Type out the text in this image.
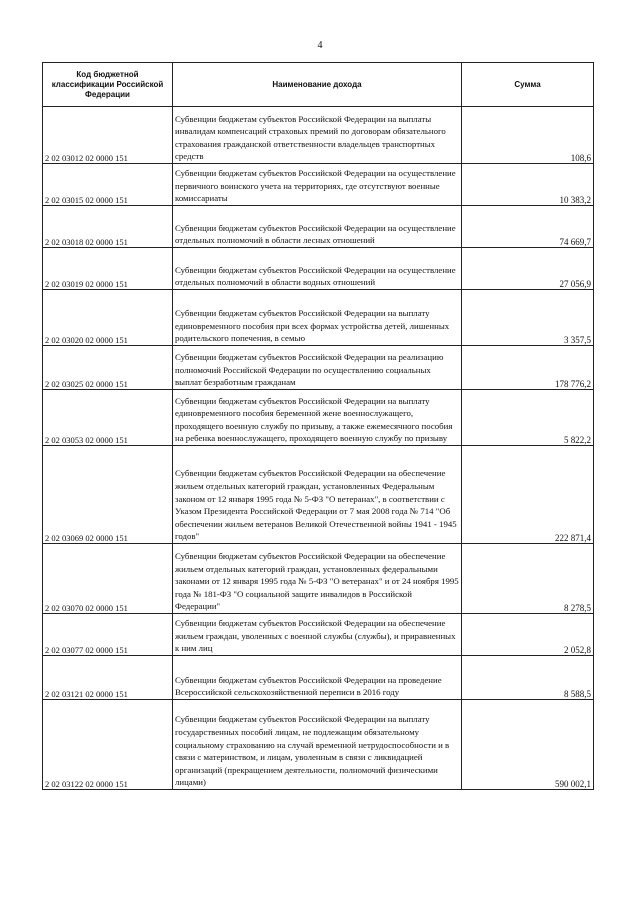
4
Код бюджетной классификации Российской Федерации	Наименование дохода	Сумма
2 02 03012 02 0000 151	Субвенции бюджетам субъектов Российской Федерации на выплаты инвалидам компенсаций страховых премий по договорам обязательного страхования гражданской ответственности владельцев транспортных средств	108,6
2 02 03015 02 0000 151	Субвенции бюджетам субъектов Российской Федерации на осуществление первичного воинского учета на территориях, где отсутствуют военные комиссариаты	10 383,2
2 02 03018 02 0000 151	Субвенции бюджетам субъектов Российской Федерации на осуществление отдельных полномочий в области лесных отношений	74 669,7
2 02 03019 02 0000 151	Субвенции бюджетам субъектов Российской Федерации на осуществление отдельных полномочий в области водных отношений	27 056,9
2 02 03020 02 0000 151	Субвенции бюджетам субъектов Российской Федерации на выплату единовременного пособия при всех формах устройства детей, лишенных родительского попечения, в семью	3 357,5
2 02 03025 02 0000 151	Субвенции бюджетам субъектов Российской Федерации на реализацию полномочий Российской Федерации по осуществлению социальных выплат безработным гражданам	178 776,2
2 02 03053 02 0000 151	Субвенции бюджетам субъектов Российской Федерации на выплату единовременного пособия беременной жене военнослужащего, проходящего военную службу по призыву, а также ежемесячного пособия на ребенка военнослужащего, проходящего военную службу по призыву	5 822,2
2 02 03069 02 0000 151	Субвенции бюджетам субъектов Российской Федерации на обеспечение жильем отдельных категорий граждан, установленных Федеральным законом от 12 января 1995 года № 5-ФЗ "О ветеранах", в соответствии с Указом Президента Российской Федерации от 7 мая 2008 года № 714 "Об обеспечении жильем ветеранов Великой Отечественной войны 1941 - 1945 годов"	222 871,4
2 02 03070 02 0000 151	Субвенции бюджетам субъектов Российской Федерации на обеспечение жильем отдельных категорий граждан, установленных федеральными законами от 12 января 1995 года № 5-ФЗ "О ветеранах" и от 24 ноября 1995 года № 181-ФЗ "О социальной защите инвалидов в Российской Федерации"	8 278,5
2 02 03077 02 0000 151	Субвенции бюджетам субъектов Российской Федерации на обеспечение жильем граждан, уволенных с военной службы (службы), и приравненных к ним лиц	2 052,8
2 02 03121 02 0000 151	Субвенции бюджетам субъектов Российской Федерации на проведение Всероссийской сельскохозяйственной переписи в 2016 году	8 588,5
2 02 03122 02 0000 151	Субвенции бюджетам субъектов Российской Федерации на выплату государственных пособий лицам, не подлежащим обязательному социальному страхованию на случай временной нетрудоспособности и в связи с материнством, и лицам, уволенным в связи с ликвидацией организаций (прекращением деятельности, полномочий физическими лицами)	590 002,1
